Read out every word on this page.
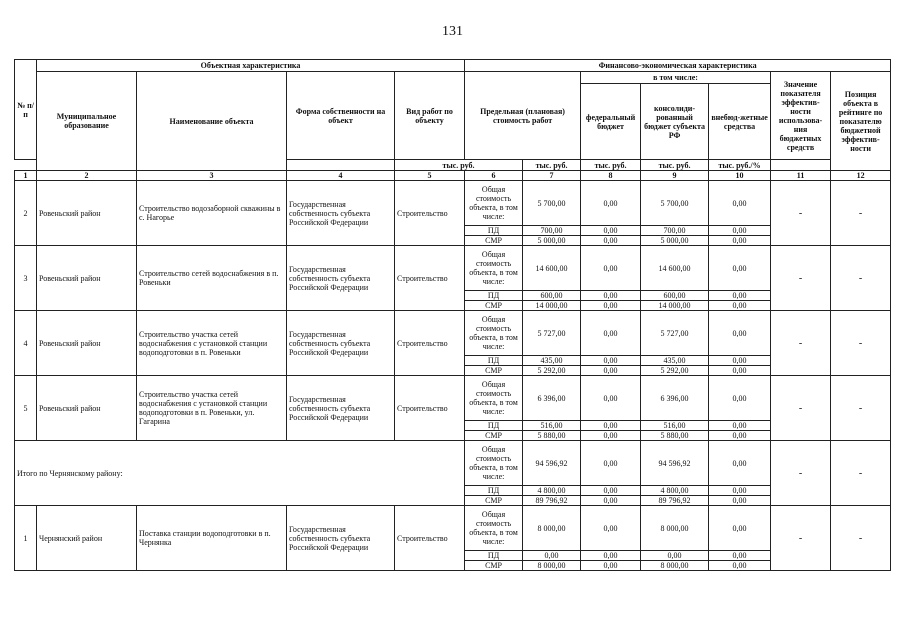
131
№ п/п	Объектная характеристика				Финансово-экономическая характеристика						
	Муниципальное образование	Наименование объекта	Форма собственности на объект	Вид работ по объекту	Предельная (плановая) стоимость работ		в том числе:			Значение показателя эффектив-ности использова-ния бюджетных средств	Позиция объекта в рейтинге по показателю бюджетной эффектив-ности
							федеральный бюджет	консолиди-рованный бюджет субъекта РФ	внебюд-жетные средства		
				тыс. руб.		тыс. руб.	тыс. руб.	тыс. руб.	тыс. руб./%		
1	2	3	4	5	6	7	8	9	10	11	12
2	Ровеньский район	Строительство водозаборной скважины в с. Нагорье	Государственная собственность субъекта Российской Федерации	Строительство	Общая стоимость объекта, в том числе:	5 700,00	0,00	5 700,00	0,00	-	-
					ПД	700,00	0,00	700,00	0,00		
					СМР	5 000,00	0,00	5 000,00	0,00		
3	Ровеньский район	Строительство сетей водоснабжения в п. Ровеньки	Государственная собственность субъекта Российской Федерации	Строительство	Общая стоимость объекта, в том числе:	14 600,00	0,00	14 600,00	0,00	-	-
					ПД	600,00	0,00	600,00	0,00		
					СМР	14 000,00	0,00	14 000,00	0,00		
4	Ровеньский район	Строительство участка сетей водоснабжения с установкой станции водоподготовки в п. Ровеньки	Государственная собственность субъекта Российской Федерации	Строительство	Общая стоимость объекта, в том числе:	5 727,00	0,00	5 727,00	0,00	-	-
					ПД	435,00	0,00	435,00	0,00		
					СМР	5 292,00	0,00	5 292,00	0,00		
5	Ровеньский район	Строительство участка сетей водоснабжения с установкой станции водоподготовки в п. Ровеньки, ул. Гагарина	Государственная собственность субъекта Российской Федерации	Строительство	Общая стоимость объекта, в том числе:	6 396,00	0,00	6 396,00	0,00	-	-
					ПД	516,00	0,00	516,00	0,00		
					СМР	5 880,00	0,00	5 880,00	0,00		
Итого по Чернянскому району:					Общая стоимость объекта, в том числе:	94 596,92	0,00	94 596,92	0,00	-	-
					ПД	4 800,00	0,00	4 800,00	0,00		
					СМР	89 796,92	0,00	89 796,92	0,00		
1	Чернянский район	Поставка станции водоподготовки в п. Чернянка	Государственная собственность субъекта Российской Федерации	Строительство	Общая стоимость объекта, в том числе:	8 000,00	0,00	8 000,00	0,00	-	-
					ПД	0,00	0,00	0,00	0,00		
					СМР	8 000,00	0,00	8 000,00	0,00		
